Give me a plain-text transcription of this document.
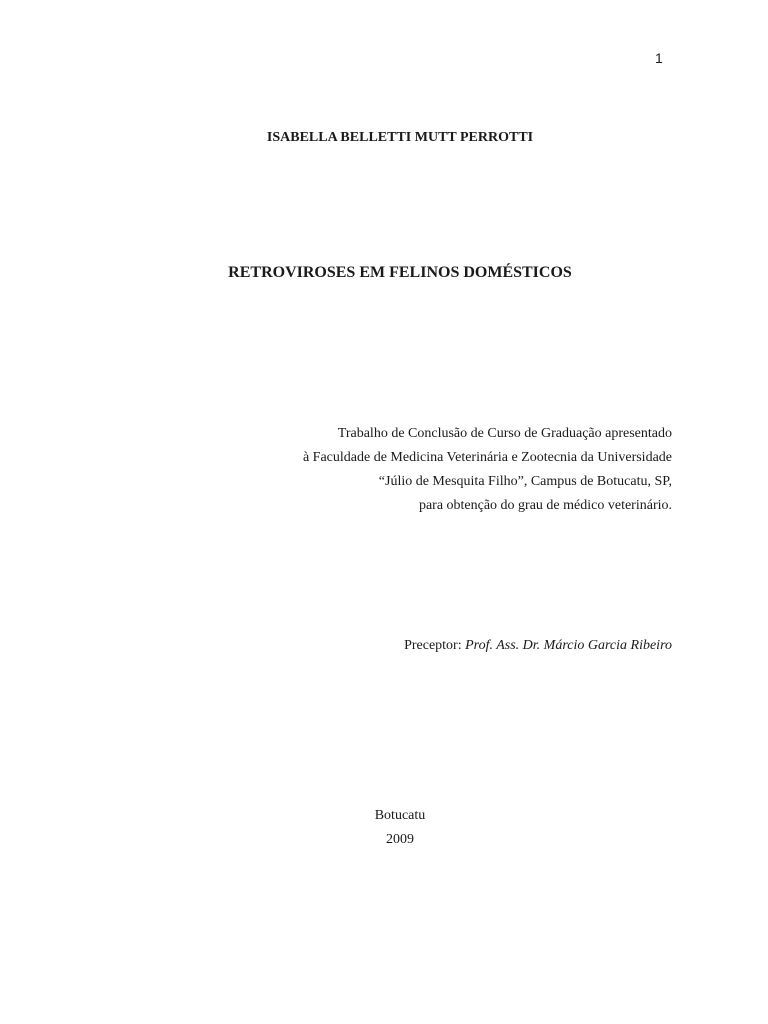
1
ISABELLA BELLETTI MUTT PERROTTI
RETROVIROSES EM FELINOS DOMÉSTICOS
Trabalho de Conclusão de Curso de Graduação apresentado
à Faculdade de Medicina Veterinária e Zootecnia da Universidade
“Júlio de Mesquita Filho”, Campus de Botucatu, SP,
para obtenção do grau de médico veterinário.
Preceptor: Prof. Ass. Dr. Márcio Garcia Ribeiro
Botucatu
2009
